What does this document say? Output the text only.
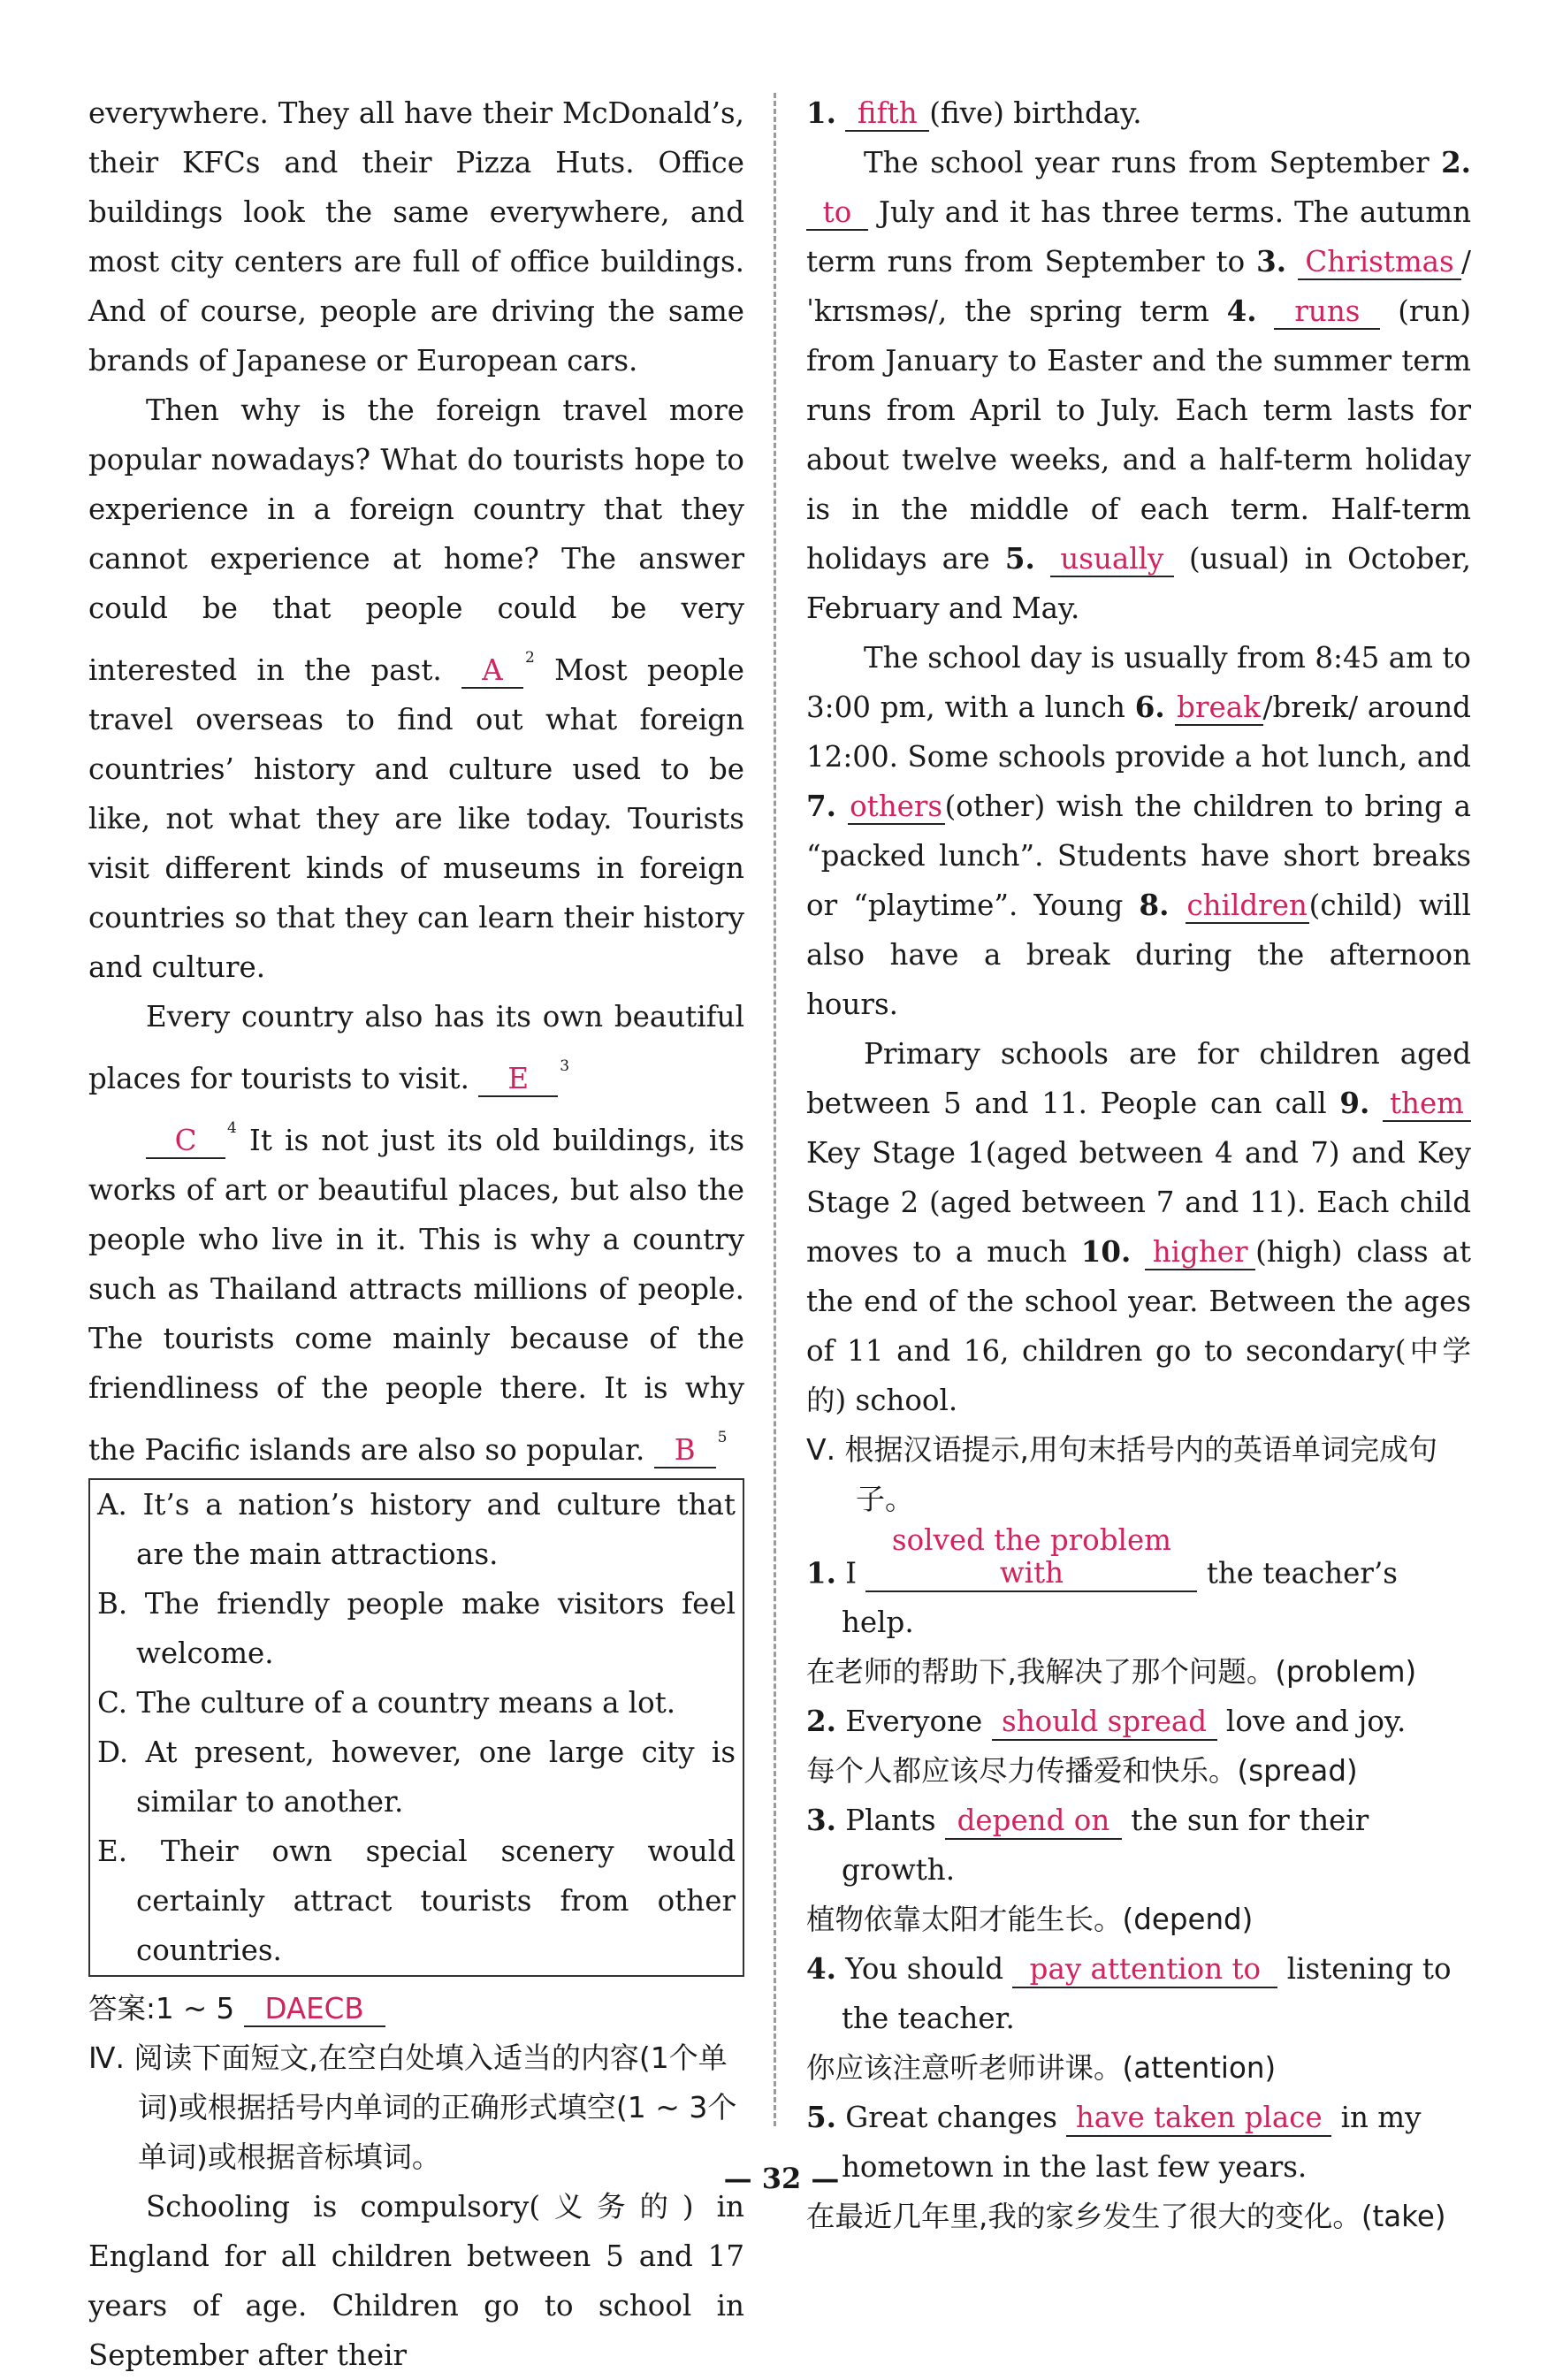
everywhere. They all have their McDonald’s, their KFCs and their Pizza Huts. Office buildings look the same everywhere, and most city centers are full of office buildings. And of course, people are driving the same brands of Japanese or European cars.

Then why is the foreign travel more popular nowadays? What do tourists hope to experience in a foreign country that they cannot experience at home? The answer could be that people could be very interested in the past. A $^2$ Most people travel overseas to find out what foreign countries’ history and culture used to be like, not what they are like today. Tourists visit different kinds of museums in foreign countries so that they can learn their history and culture.

Every country also has its own beautiful places for tourists to visit. E $^3$

C $^4$ It is not just its old buildings, its works of art or beautiful places, but also the people who live in it. This is why a country such as Thailand attracts millions of people. The tourists come mainly because of the friendliness of the people there. It is why the Pacific islands are also so popular. B $^5$

A. It’s a nation’s history and culture that are the main attractions.

B. The friendly people make visitors feel welcome.

C. The culture of a country means a lot.

D. At present, however, one large city is similar to another.

E. Their own special scenery would certainly attract tourists from other countries.

答案:1 ~ 5 DAECB

Ⅳ. 阅读下面短文,在空白处填入适当的内容(1个单词)或根据括号内单词的正确形式填空(1 ~ 3个单词)或根据音标填词。

Schooling is compulsory(义务的) in England for all children between 5 and 17 years of age. Children go to school in September after their

1. fifth (five) birthday.

The school year runs from September 2. to July and it has three terms. The autumn term runs from September to 3. Christmas /ˈkrɪsməs/, the spring term 4. runs (run) from January to Easter and the summer term runs from April to July. Each term lasts for about twelve weeks, and a half-term holiday is in the middle of each term. Half-term holidays are 5. usually (usual) in October, February and May.

The school day is usually from 8:45 am to 3:00 pm, with a lunch 6. break/breɪk/ around 12:00. Some schools provide a hot lunch, and 7. others(other) wish the children to bring a “packed lunch”. Students have short breaks or “playtime”. Young 8. children(child) will also have a break during the afternoon hours.

Primary schools are for children aged between 5 and 11. People can call 9. them Key Stage 1(aged between 4 and 7) and Key Stage 2 (aged between 7 and 11). Each child moves to a much 10. higher (high) class at the end of the school year. Between the ages of 11 and 16, children go to secondary(中学的) school.

Ⅴ. 根据汉语提示,用句末括号内的英语单词完成句子。

1. I solved the problem with	the teacher’s help.
在老师的帮助下,我解决了那个问题。(problem)
2. Everyone should spread love and joy.
每个人都应该尽力传播爱和快乐。(spread)
3. Plants depend on the sun for their growth.
植物依靠太阳才能生长。(depend)
4. You should pay attention to listening to the teacher.
你应该注意听老师讲课。(attention)
5. Great changes have taken place in my hometown in the last few years.
在最近几年里,我的家乡发生了很大的变化。(take)
— 32 —
